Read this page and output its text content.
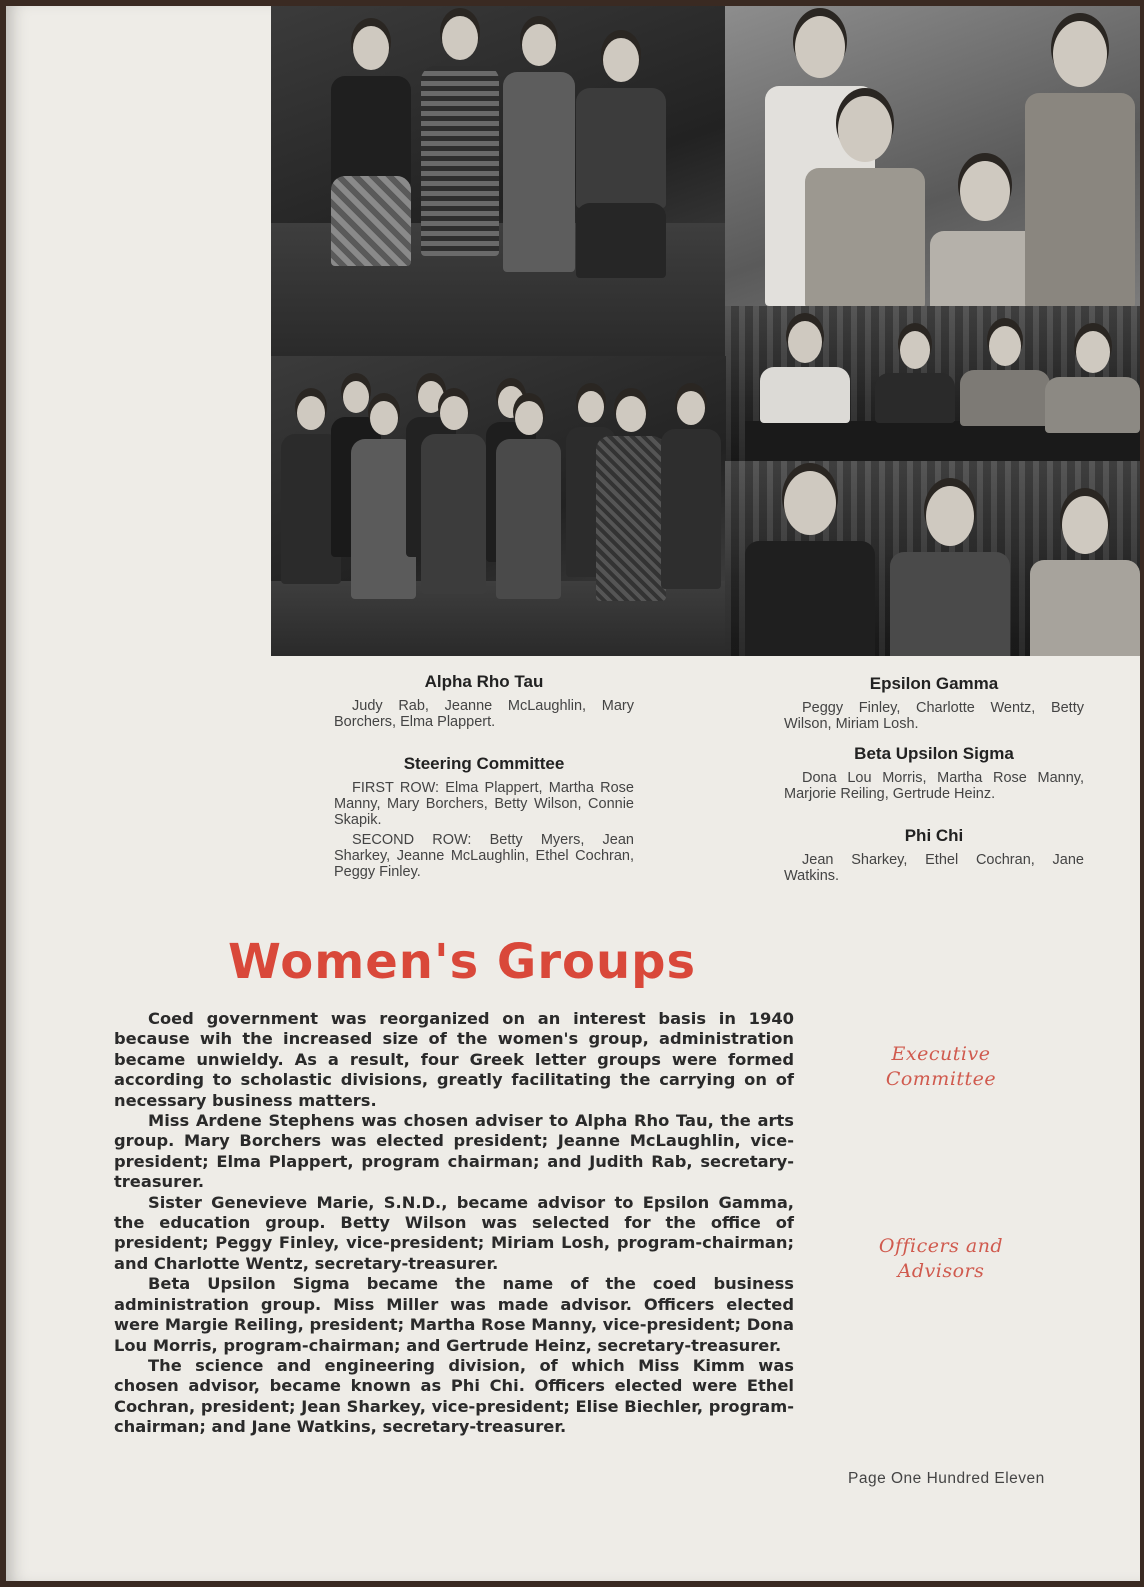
Alpha Rho Tau

Judy Rab, Jeanne McLaughlin, Mary Borchers, Elma Plappert.

Steering Committee

FIRST ROW: Elma Plappert, Martha Rose Manny, Mary Borchers, Betty Wilson, Connie Skapik.

SECOND ROW: Betty Myers, Jean Sharkey, Jeanne McLaughlin, Ethel Cochran, Peggy Finley.

Epsilon Gamma

Peggy Finley, Charlotte Wentz, Betty Wilson, Miriam Losh.

Beta Upsilon Sigma

Dona Lou Morris, Martha Rose Manny, Marjorie Reiling, Gertrude Heinz.

Phi Chi

Jean Sharkey, Ethel Cochran, Jane Watkins.

Women's Groups

Coed government was reorganized on an interest basis in 1940 because wih the increased size of the women's group, administration became unwieldy. As a result, four Greek letter groups were formed according to scholastic divisions, greatly facilitating the carrying on of necessary business matters.

Miss Ardene Stephens was chosen adviser to Alpha Rho Tau, the arts group. Mary Borchers was elected president; Jeanne McLaughlin, vice-president; Elma Plappert, program chairman; and Judith Rab, secretary-treasurer.

Sister Genevieve Marie, S.N.D., became advisor to Epsilon Gamma, the education group. Betty Wilson was selected for the office of president; Peggy Finley, vice-president; Miriam Losh, program-chairman; and Charlotte Wentz, secretary-treasurer.

Beta Upsilon Sigma became the name of the coed business administration group. Miss Miller was made advisor. Officers elected were Margie Reiling, president; Martha Rose Manny, vice-president; Dona Lou Morris, program-chairman; and Gertrude Heinz, secretary-treasurer.

The science and engineering division, of which Miss Kimm was chosen advisor, became known as Phi Chi. Officers elected were Ethel Cochran, president; Jean Sharkey, vice-president; Elise Biechler, program-chairman; and Jane Watkins, secretary-treasurer.

Executive
Committee
Officers and
Advisors
Page One Hundred Eleven
